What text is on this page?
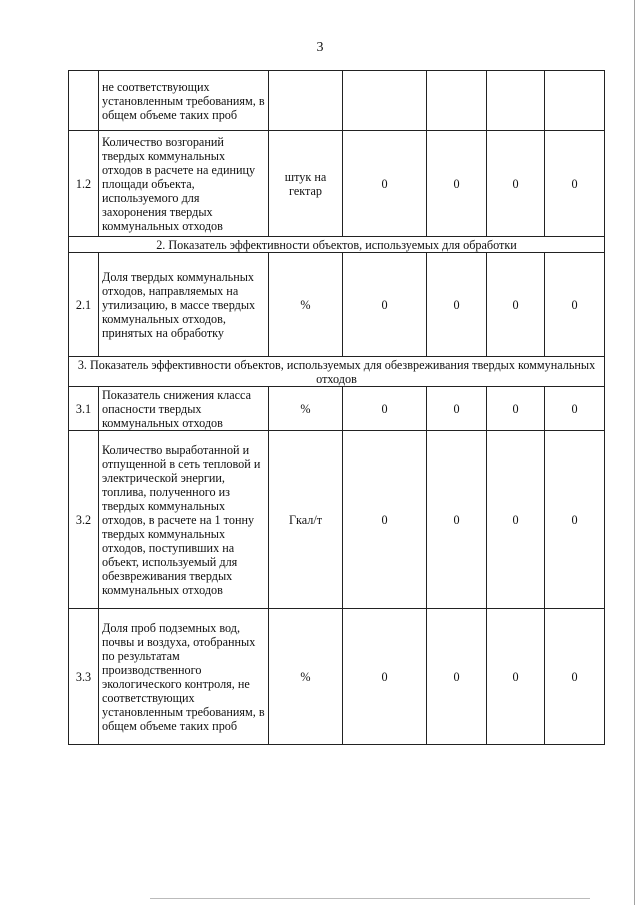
3
	не соответствующих установленным требованиям, в общем объеме таких проб					
1.2	Количество возгораний твердых коммунальных отходов в расчете на единицу площади объекта, используемого для захоронения твердых коммунальных отходов	штук на гектар	0	0	0	0
2. Показатель эффективности объектов, используемых для обработки						
2.1	Доля твердых коммунальных отходов, направляемых на утилизацию, в массе твердых коммунальных отходов, принятых на обработку	%	0	0	0	0
3. Показатель эффективности объектов, используемых для обезвреживания твердых коммунальных отходов						
3.1	Показатель снижения класса опасности твердых коммунальных отходов	%	0	0	0	0
3.2	Количество выработанной и отпущенной в сеть тепловой и электрической энергии, топлива, полученного из твердых коммунальных отходов, в расчете на 1 тонну твердых коммунальных отходов, поступивших на объект, используемый для обезвреживания твердых коммунальных отходов	Гкал/т	0	0	0	0
3.3	Доля проб подземных вод, почвы и воздуха, отобранных по результатам производственного экологического контроля, не соответствующих установленным требованиям, в общем объеме таких проб	%	0	0	0	0
